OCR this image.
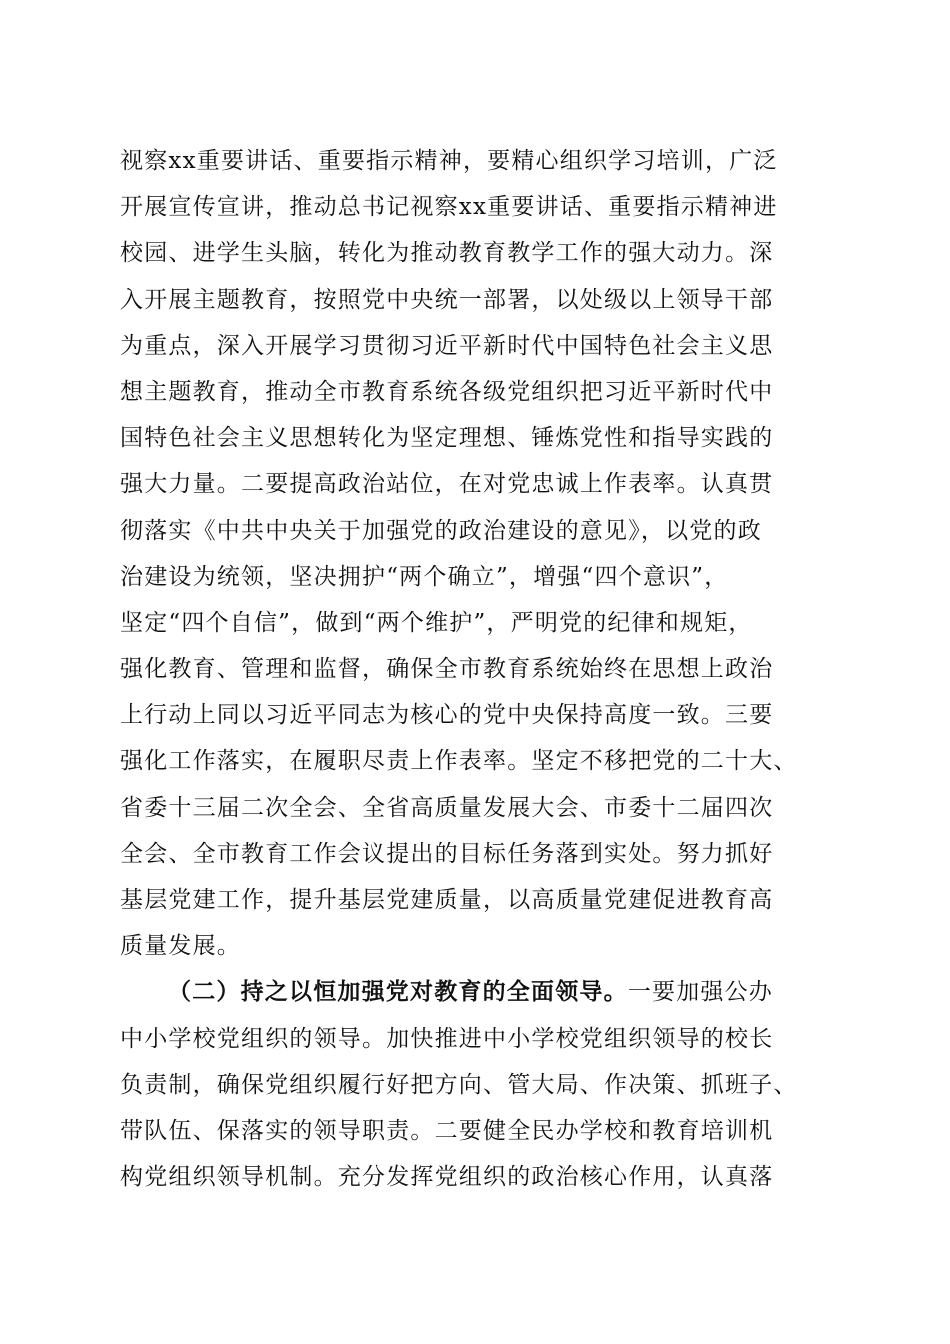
视察xx重要讲话、重要指示精神，要精心组织学习培训，广泛
开展宣传宣讲，推动总书记视察xx重要讲话、重要指示精神进
校园、进学生头脑，转化为推动教育教学工作的强大动力。深
入开展主题教育，按照党中央统一部署，以处级以上领导干部
为重点，深入开展学习贯彻习近平新时代中国特色社会主义思
想主题教育，推动全市教育系统各级党组织把习近平新时代中
国特色社会主义思想转化为坚定理想、锤炼党性和指导实践的
强大力量。二要提高政治站位，在对党忠诚上作表率。认真贯
彻落实《中共中央关于加强党的政治建设的意见》，以党的政
治建设为统领，坚决拥护“两个确立”，增强“四个意识”，
坚定“四个自信”，做到“两个维护”，严明党的纪律和规矩，
强化教育、管理和监督，确保全市教育系统始终在思想上政治
上行动上同以习近平同志为核心的党中央保持高度一致。三要
强化工作落实，在履职尽责上作表率。坚定不移把党的二十大、
省委十三届二次全会、全省高质量发展大会、市委十二届四次
全会、全市教育工作会议提出的目标任务落到实处。努力抓好
基层党建工作，提升基层党建质量，以高质量党建促进教育高
质量发展。
（二）持之以恒加强党对教育的全面领导。一要加强公办
中小学校党组织的领导。加快推进中小学校党组织领导的校长
负责制，确保党组织履行好把方向、管大局、作决策、抓班子、
带队伍、保落实的领导职责。二要健全民办学校和教育培训机
构党组织领导机制。充分发挥党组织的政治核心作用，认真落
